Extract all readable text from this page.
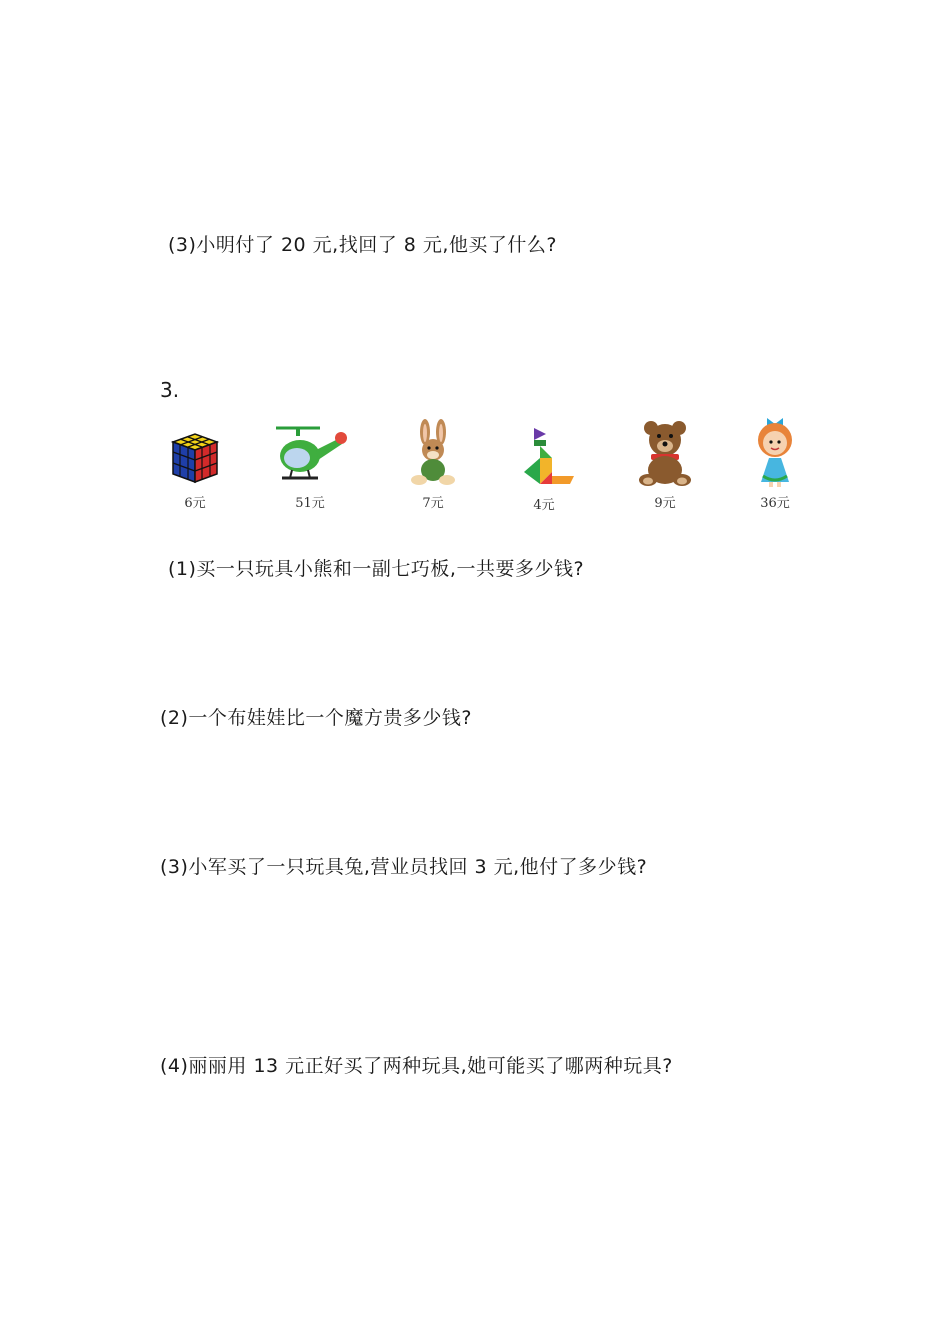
(3)小明付了 20 元,找回了 8 元,他买了什么?
3.
6元	51元	7元	4元	9元	36元
(1)买一只玩具小熊和一副七巧板,一共要多少钱?
(2)一个布娃娃比一个魔方贵多少钱?
(3)小军买了一只玩具兔,营业员找回 3 元,他付了多少钱?
(4)丽丽用 13 元正好买了两种玩具,她可能买了哪两种玩具?
